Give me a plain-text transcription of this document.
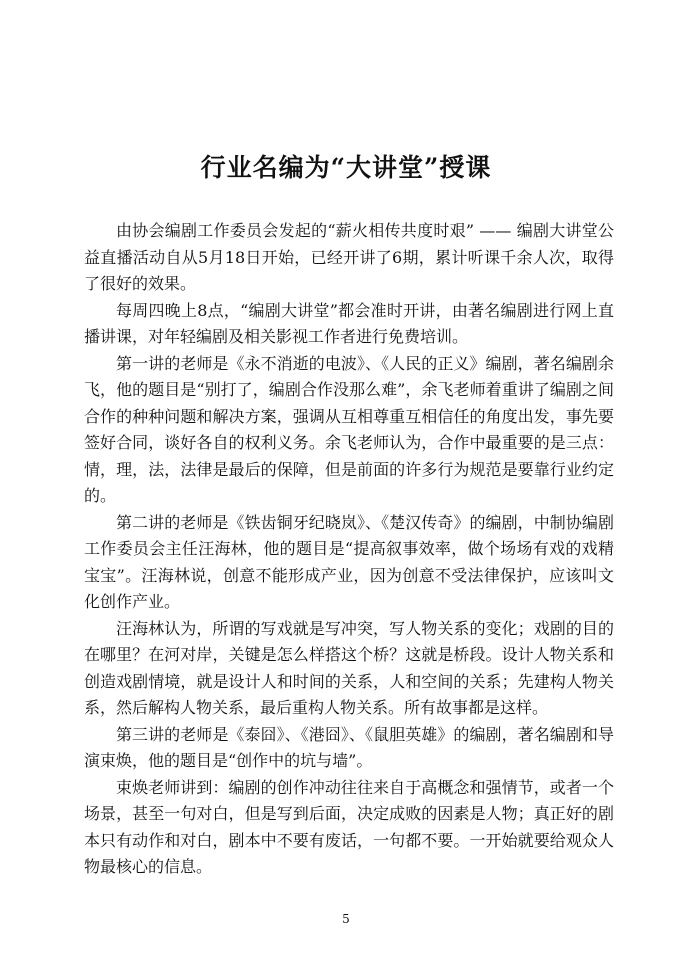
行业名编为“大讲堂”授课

由协会编剧工作委员会发起的“薪火相传共度时艰” —— 编剧大讲堂公益直播活动自从5月18日开始，已经开讲了6期，累计听课千余人次，取得了很好的效果。

每周四晚上8点，“编剧大讲堂”都会准时开讲，由著名编剧进行网上直播讲课，对年轻编剧及相关影视工作者进行免费培训。

第一讲的老师是《永不消逝的电波》、《人民的正义》编剧，著名编剧余飞，他的题目是“别打了，编剧合作没那么难”，余飞老师着重讲了编剧之间合作的种种问题和解决方案，强调从互相尊重互相信任的角度出发，事先要签好合同，谈好各自的权利义务。余飞老师认为，合作中最重要的是三点：情，理，法，法律是最后的保障，但是前面的许多行为规范是要靠行业约定的。

第二讲的老师是《铁齿铜牙纪晓岚》、《楚汉传奇》的编剧，中制协编剧工作委员会主任汪海林，他的题目是“提高叙事效率，做个场场有戏的戏精宝宝”。汪海林说，创意不能形成产业，因为创意不受法律保护，应该叫文化创作产业。

汪海林认为，所谓的写戏就是写冲突，写人物关系的变化；戏剧的目的在哪里？在河对岸，关键是怎么样搭这个桥？这就是桥段。设计人物关系和创造戏剧情境，就是设计人和时间的关系，人和空间的关系；先建构人物关系，然后解构人物关系，最后重构人物关系。所有故事都是这样。

第三讲的老师是《泰囧》、《港囧》、《鼠胆英雄》的编剧，著名编剧和导演束焕，他的题目是“创作中的坑与墙”。

束焕老师讲到：编剧的创作冲动往往来自于高概念和强情节，或者一个场景，甚至一句对白，但是写到后面，决定成败的因素是人物；真正好的剧本只有动作和对白，剧本中不要有废话，一句都不要。一开始就要给观众人物最核心的信息。

5
